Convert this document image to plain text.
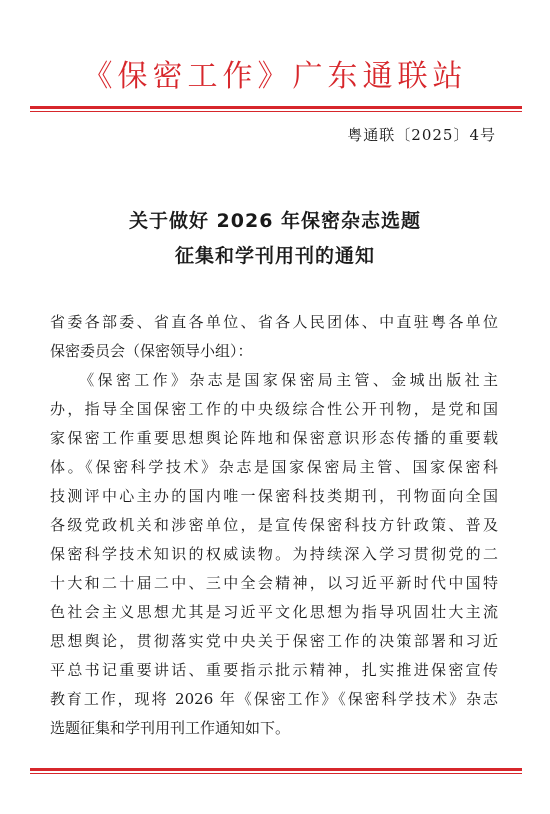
《保密工作》广东通联站
粤通联〔2025〕4号
关于做好 2026 年保密杂志选题
征集和学刊用刊的通知
省委各部委、省直各单位、省各人民团体、中直驻粤各单位
保密委员会（保密领导小组）：
　　《保密工作》杂志是国家保密局主管、金城出版社主
办，指导全国保密工作的中央级综合性公开刊物，是党和国
家保密工作重要思想舆论阵地和保密意识形态传播的重要载
体。《保密科学技术》杂志是国家保密局主管、国家保密科
技测评中心主办的国内唯一保密科技类期刊，刊物面向全国
各级党政机关和涉密单位，是宣传保密科技方针政策、普及
保密科学技术知识的权威读物。为持续深入学习贯彻党的二
十大和二十届二中、三中全会精神，以习近平新时代中国特
色社会主义思想尤其是习近平文化思想为指导巩固壮大主流
思想舆论，贯彻落实党中央关于保密工作的决策部署和习近
平总书记重要讲话、重要指示批示精神，扎实推进保密宣传
教育工作，现将 2026 年《保密工作》《保密科学技术》杂志
选题征集和学刊用刊工作通知如下。
